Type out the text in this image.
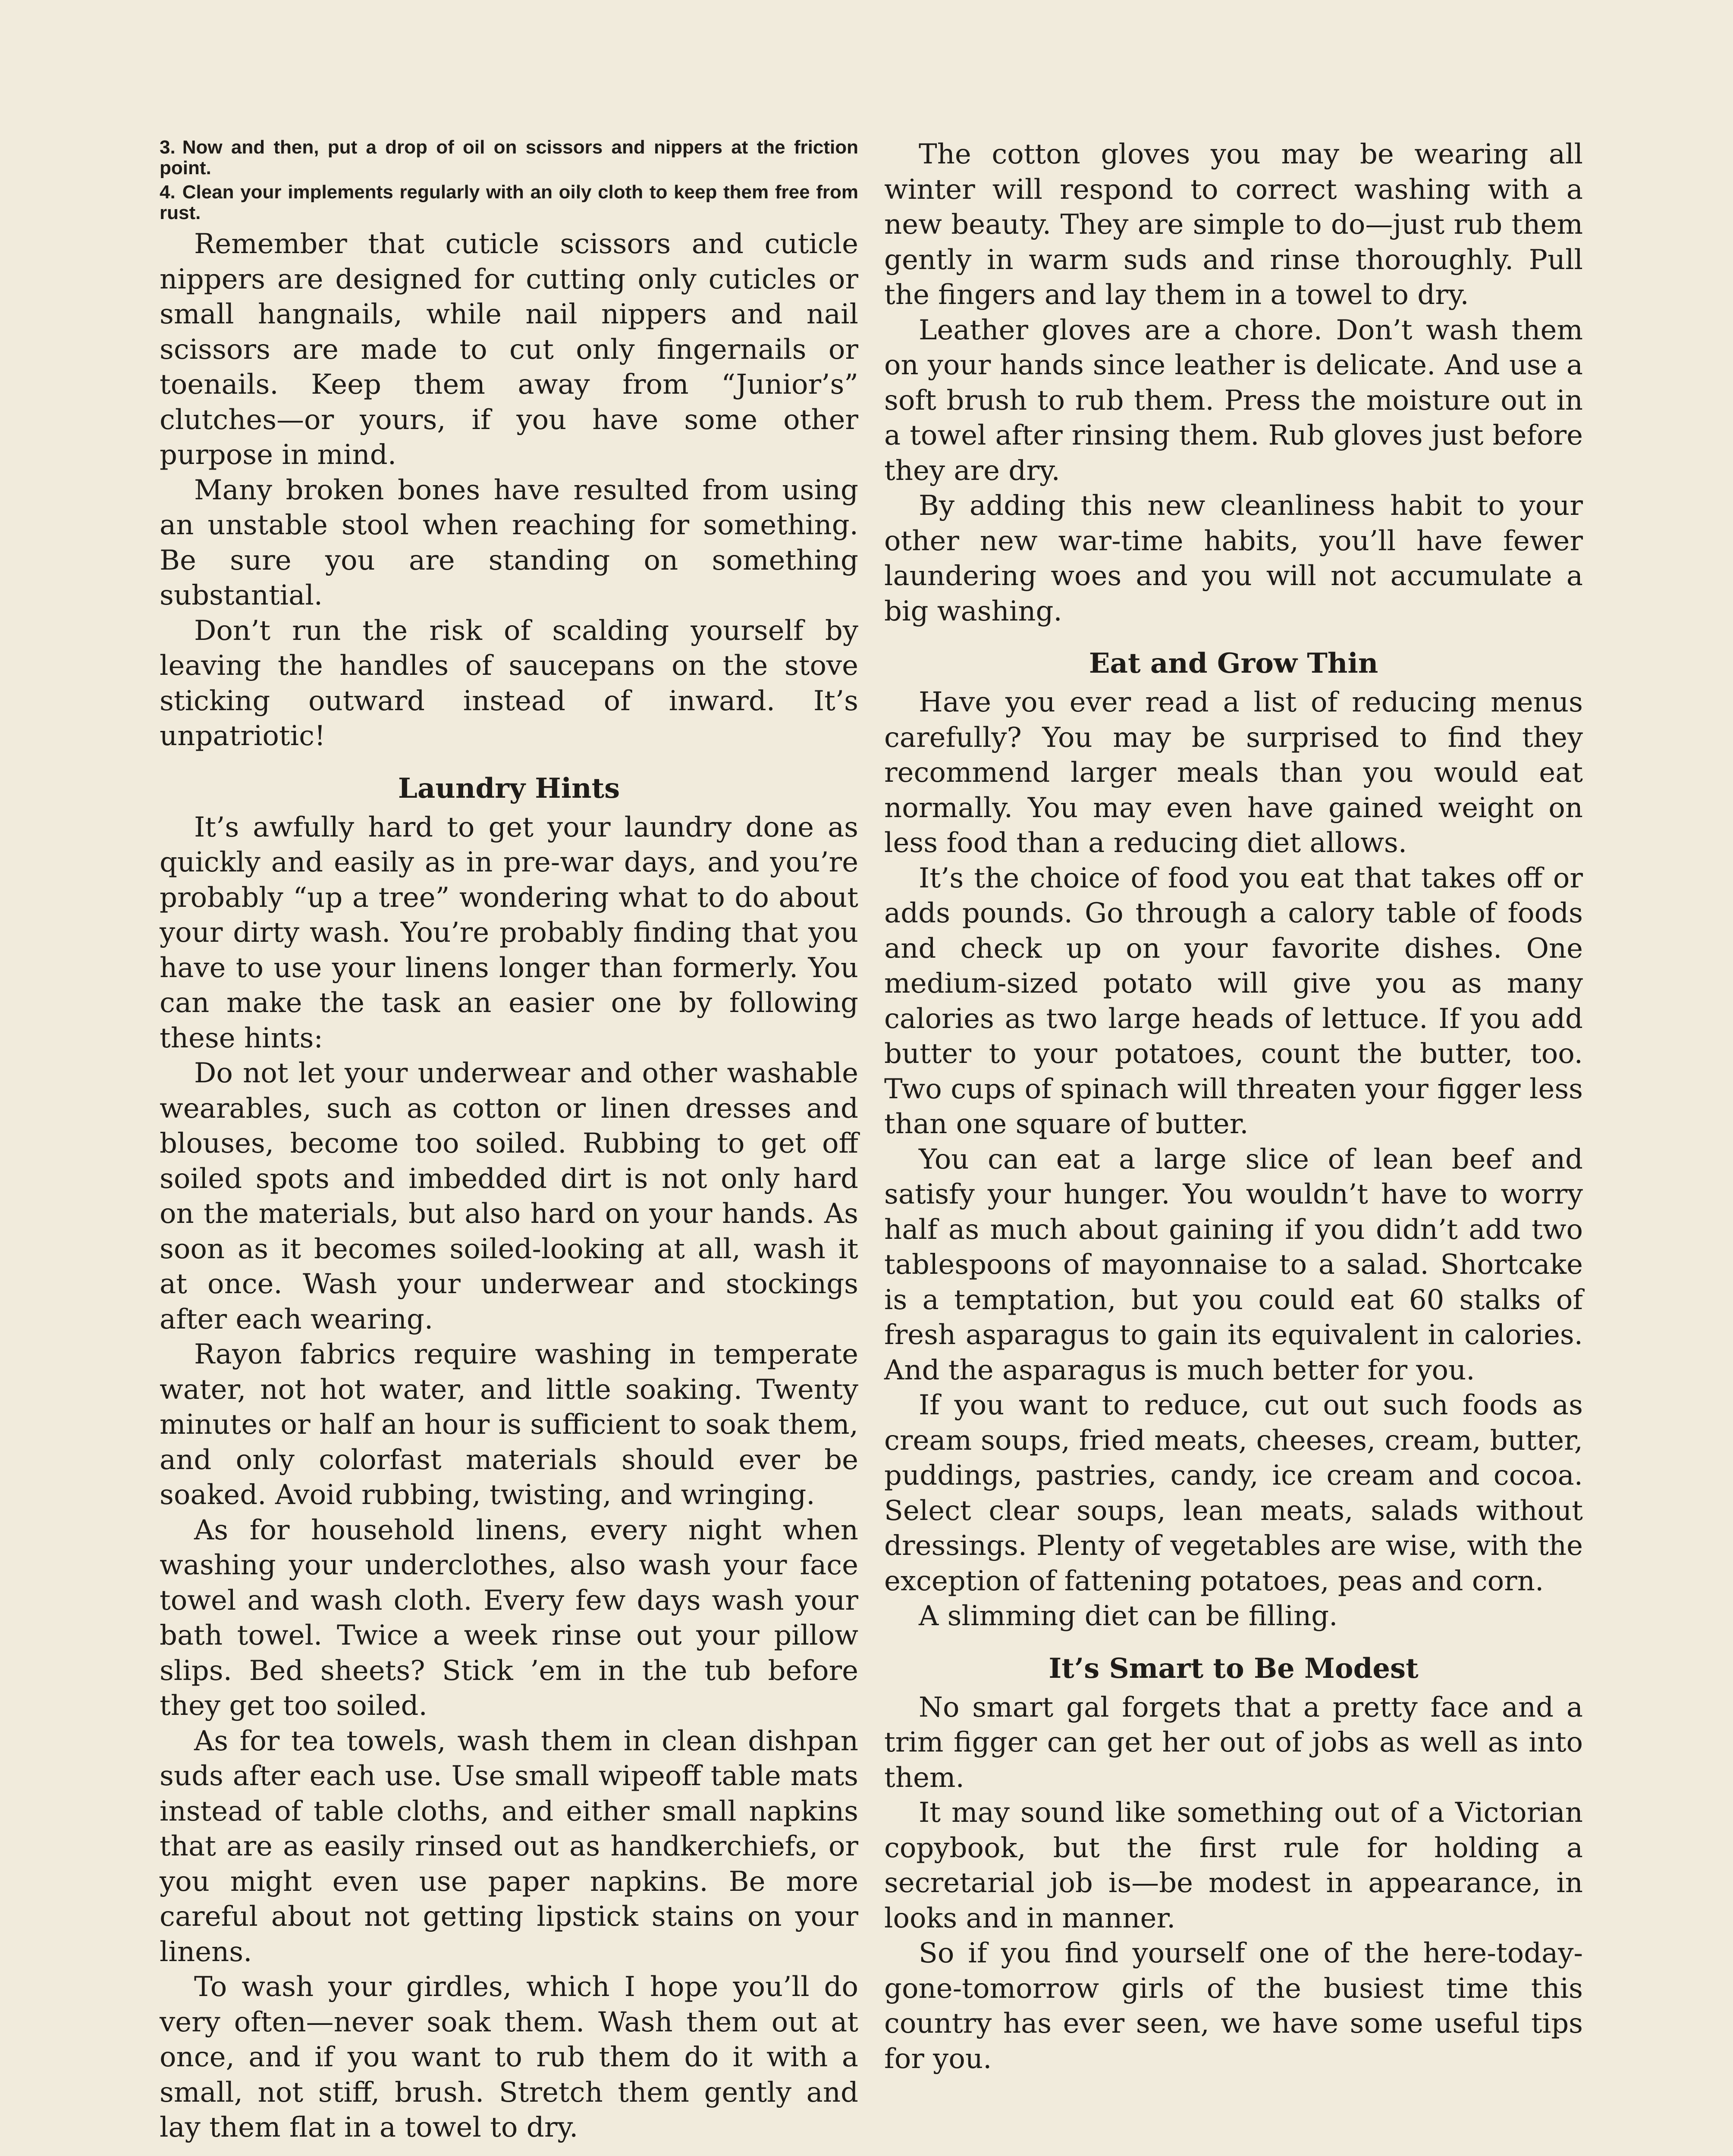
3. Now and then, put a drop of oil on scissors and nippers at the friction point.

4. Clean your implements regularly with an oily cloth to keep them free from rust.

Remember that cuticle scissors and cuticle nippers are designed for cutting only cuticles or small hangnails, while nail nippers and nail scissors are made to cut only fingernails or toenails. Keep them away from “Junior’s” clutches—or yours, if you have some other purpose in mind.

Many broken bones have resulted from using an unstable stool when reaching for something. Be sure you are standing on something substantial.

Don’t run the risk of scalding yourself by leaving the handles of saucepans on the stove sticking outward instead of inward. It’s unpatriotic!

Laundry Hints

It’s awfully hard to get your laundry done as quickly and easily as in pre-war days, and you’re probably “up a tree” wondering what to do about your dirty wash. You’re probably finding that you have to use your linens longer than formerly. You can make the task an easier one by following these hints:

Do not let your underwear and other washable wearables, such as cotton or linen dresses and blouses, become too soiled. Rubbing to get off soiled spots and imbedded dirt is not only hard on the materials, but also hard on your hands. As soon as it becomes soiled-looking at all, wash it at once. Wash your underwear and stockings after each wearing.

Rayon fabrics require washing in temperate water, not hot water, and little soaking. Twenty minutes or half an hour is sufficient to soak them, and only colorfast materials should ever be soaked. Avoid rubbing, twisting, and wringing.

As for household linens, every night when washing your underclothes, also wash your face towel and wash cloth. Every few days wash your bath towel. Twice a week rinse out your pillow slips. Bed sheets? Stick ’em in the tub before they get too soiled.

As for tea towels, wash them in clean dishpan suds after each use. Use small wipeoff table mats instead of table cloths, and either small napkins that are as easily rinsed out as handkerchiefs, or you might even use paper napkins. Be more careful about not getting lipstick stains on your linens.

To wash your girdles, which I hope you’ll do very often—never soak them. Wash them out at once, and if you want to rub them do it with a small, not stiff, brush. Stretch them gently and lay them flat in a towel to dry.

The cotton gloves you may be wearing all winter will respond to correct washing with a new beauty. They are simple to do—just rub them gently in warm suds and rinse thoroughly. Pull the fingers and lay them in a towel to dry.

Leather gloves are a chore. Don’t wash them on your hands since leather is delicate. And use a soft brush to rub them. Press the moisture out in a towel after rinsing them. Rub gloves just before they are dry.

By adding this new cleanliness habit to your other new war-time habits, you’ll have fewer laundering woes and you will not accumulate a big washing.

Eat and Grow Thin

Have you ever read a list of reducing menus carefully? You may be surprised to find they recommend larger meals than you would eat normally. You may even have gained weight on less food than a reducing diet allows.

It’s the choice of food you eat that takes off or adds pounds. Go through a calory table of foods and check up on your favorite dishes. One medium-sized potato will give you as many calories as two large heads of lettuce. If you add butter to your potatoes, count the butter, too. Two cups of spinach will threaten your figger less than one square of butter.

You can eat a large slice of lean beef and satisfy your hunger. You wouldn’t have to worry half as much about gaining if you didn’t add two tablespoons of mayonnaise to a salad. Shortcake is a temptation, but you could eat 60 stalks of fresh asparagus to gain its equivalent in calories. And the asparagus is much better for you.

If you want to reduce, cut out such foods as cream soups, fried meats, cheeses, cream, butter, puddings, pastries, candy, ice cream and cocoa. Select clear soups, lean meats, salads without dressings. Plenty of vegetables are wise, with the exception of fattening potatoes, peas and corn.

A slimming diet can be filling.

It’s Smart to Be Modest

No smart gal forgets that a pretty face and a trim figger can get her out of jobs as well as into them.

It may sound like something out of a Victorian copybook, but the first rule for holding a secretarial job is—be modest in appearance, in looks and in manner.

So if you find yourself one of the here-today-gone-tomorrow girls of the busiest time this country has ever seen, we have some useful tips for you.
